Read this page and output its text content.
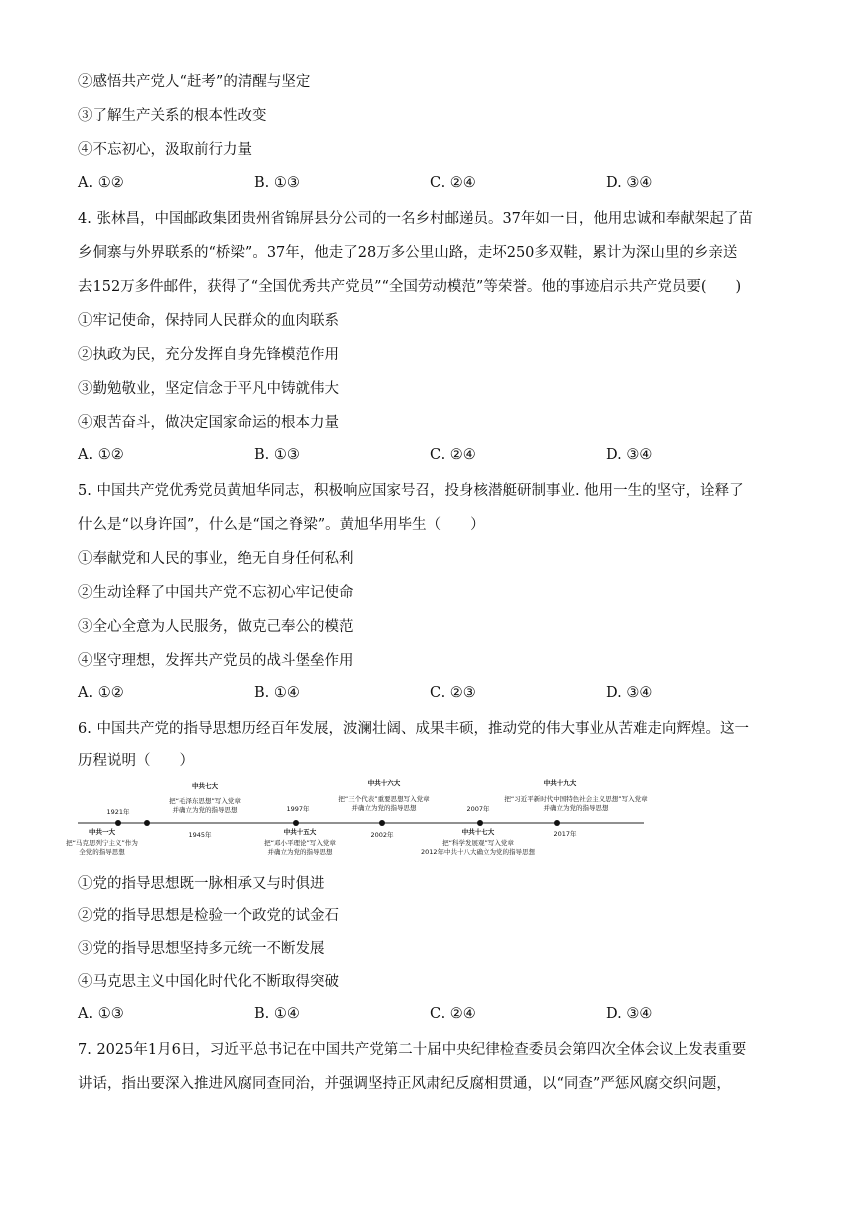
②感悟共产党人“赶考”的清醒与坚定
③了解生产关系的根本性改变
④不忘初心，汲取前行力量
A. ①②	B. ①③	C. ②④	D. ③④
4. 张林昌，中国邮政集团贵州省锦屏县分公司的一名乡村邮递员。37年如一日，他用忠诚和奉献架起了苗
乡侗寨与外界联系的“桥梁”。37年，他走了28万多公里山路，走坏250多双鞋，累计为深山里的乡亲送
去152万多件邮件，获得了“全国优秀共产党员”“全国劳动模范”等荣誉。他的事迹启示共产党员要(　　)
①牢记使命，保持同人民群众的血肉联系
②执政为民，充分发挥自身先锋模范作用
③勤勉敬业，坚定信念于平凡中铸就伟大
④艰苦奋斗，做决定国家命运的根本力量
A. ①②	B. ①③	C. ②④	D. ③④
5. 中国共产党优秀党员黄旭华同志，积极响应国家号召，投身核潜艇研制事业. 他用一生的坚守，诠释了
什么是“以身许国”，什么是“国之脊梁”。黄旭华用毕生（　　）
①奉献党和人民的事业，绝无自身任何私利
②生动诠释了中国共产党不忘初心牢记使命
③全心全意为人民服务，做克己奉公的模范
④坚守理想，发挥共产党员的战斗堡垒作用
A. ①②	B. ①④	C. ②③	D. ③④
6. 中国共产党的指导思想历经百年发展，波澜壮阔、成果丰硕，推动党的伟大事业从苦难走向辉煌。这一
历程说明（　　）
1921年
中共一大
把“马克思列宁主义”作为
全党的指导思想
1945年
中共七大
把“毛泽东思想”写入党章
并确立为党的指导思想	1997年
中共十五大
把“邓小平理论”写入党章
并确立为党的指导思想
2002年
中共十六大
把“三个代表”重要思想写入党章
并确立为党的指导思想	2007年
中共十七大
把“科学发展观”写入党章
2012年中共十八大确立为党的指导思想
2017年
中共十九大
把“习近平新时代中国特色社会主义思想”写入党章
并确立为党的指导思想
①党的指导思想既一脉相承又与时俱进
②党的指导思想是检验一个政党的试金石
③党的指导思想坚持多元统一不断发展
④马克思主义中国化时代化不断取得突破
A. ①③	B. ①④	C. ②④	D. ③④
7. 2025年1月6日，习近平总书记在中国共产党第二十届中央纪律检查委员会第四次全体会议上发表重要
讲话，指出要深入推进风腐同查同治，并强调坚持正风肃纪反腐相贯通，以“同查”严惩风腐交织问题，
